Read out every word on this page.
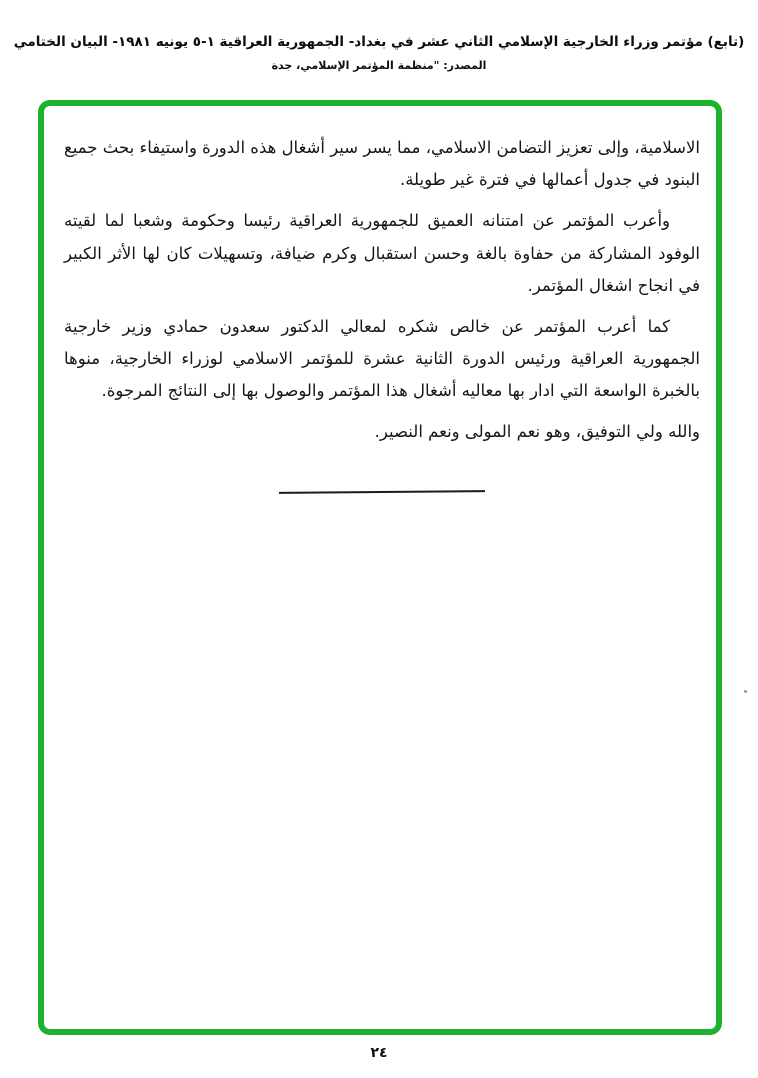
(تابع) مؤتمر وزراء الخارجية الإسلامي الثاني عشر في بغداد- الجمهورية العراقية ١-٥ يونيه ١٩٨١- البيان الختامي
المصدر: "منظمة المؤتمر الإسلامي، جدة

الاسلامية، وإلى تعزيز التضامن الاسلامي، مما يسر سير أشغال هذه الدورة واستيفاء بحث جميع البنود في جدول أعمالها في فترة غير طويلة.

وأعرب المؤتمر عن امتنانه العميق للجمهورية العراقية رئيسا وحكومة وشعبا لما لقيته الوفود المشاركة من حفاوة بالغة وحسن استقبال وكرم ضيافة، وتسهيلات كان لها الأثر الكبير في انجاح اشغال المؤتمر.

كما أعرب المؤتمر عن خالص شكره لمعالي الدكتور سعدون حمادي وزير خارجية الجمهورية العراقية ورئيس الدورة الثانية عشرة للمؤتمر الاسلامي لوزراء الخارجية، منوها بالخبرة الواسعة التي ادار بها معاليه أشغال هذا المؤتمر والوصول بها إلى النتائج المرجوة.

والله ولي التوفيق، وهو نعم المولى ونعم النصير.

٢٤
